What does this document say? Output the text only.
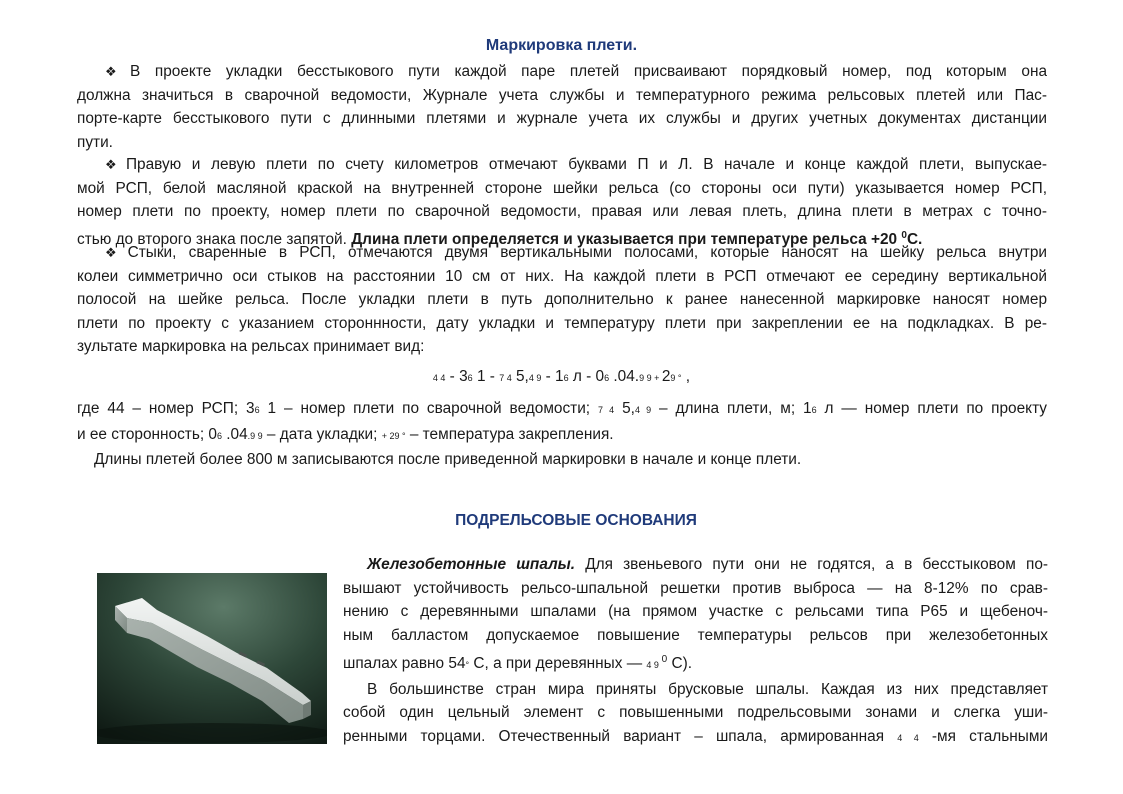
Маркировка плети.
❖ В проекте укладки бесстыкового пути каждой паре плетей присваивают порядковый номер, под которым она
должна значиться в сварочной ведомости, Журнале учета службы и температурного режима рельсовых плетей или Пас-
порте-карте бесстыкового пути с длинными плетями и журнале учета их службы и других учетных документах дистанции
пути.
❖ Правую и левую плети по счету километров отмечают буквами П и Л. В начале и конце каждой плети, выпускае-
мой РСП, белой масляной краской на внутренней стороне шейки рельса (со стороны оси пути) указывается номер РСП,
номер плети по проекту, номер плети по сварочной ведомости, правая или левая плеть, длина плети в метрах с точно-
стью до второго знака после запятой. Длина плети определяется и указывается при температуре рельса +20 $^0$С.
❖ Стыки, сваренные в РСП, отмечаются двумя вертикальными полосами, которые наносят на шейку рельса внутри
колеи симметрично оси стыков на расстоянии 10 см от них. На каждой плети в РСП отмечают ее середину вертикальной
полосой на шейке рельса. После укладки плети в путь дополнительно к ранее нанесенной маркировке наносят номер
плети по проекту с указанием стороннности, дату укладки и температуру плети при закреплении ее на подкладках. В ре-
зультате маркировка на рельсах принимает вид:
4 4 - 36 1 - 7 4 5,4 9 - 16 л - 06 .04.9 9 + 29 ° ,
где 44 – номер РСП; 36 1 – номер плети по сварочной ведомости; 7 4 5,4 9 – длина плети, м; 16 л — номер плети по проекту
и ее сторонность; 06 .04.9 9 – дата укладки; + 29 ° – температура закрепления.
Длины плетей более 800 м записываются после приведенной маркировки в начале и конце плети.
ПОДРЕЛЬСОВЫЕ ОСНОВАНИЯ
Железобетонные шпалы. Для звеньевого пути они не годятся, а в бесстыковом по-
вышают устойчивость рельсо-шпальной решетки против выброса — на 8-12% по срав-
нению с деревянными шпалами (на прямом участке с рельсами типа Р65 и щебеноч-
ным балластом допускаемое повышение температуры рельсов при железобетонных
шпалах равно 54° С, а при деревянных — 4 9 $^0$ С).
В большинстве стран мира приняты брусковые шпалы. Каждая из них представляет
собой один цельный элемент с повышенными подрельсовыми зонами и слегка уши-
ренными торцами. Отечественный вариант – шпала, армированная 4 4 -мя стальными
